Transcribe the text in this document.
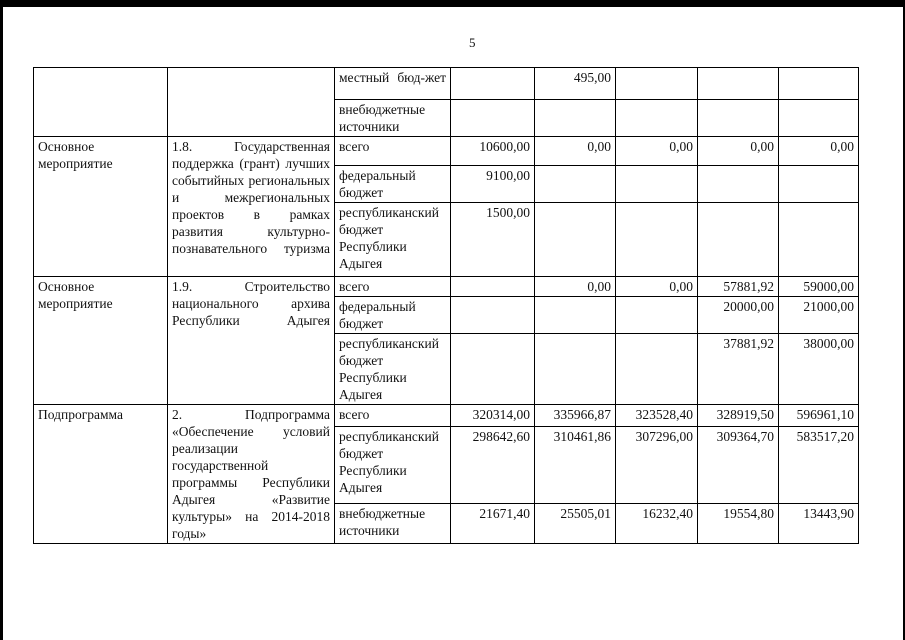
5
		местный бюд-жет		495,00			
		внебюджетные источники					
Основное мероприятие	1.8. Государственная поддержка (грант) лучших событийных региональных и межрегиональных проектов в рамках развития культурно-познавательного туризма	всего	10600,00	0,00	0,00	0,00	0,00
		федеральный бюджет	9100,00				
		республиканский бюджет Республики Адыгея	1500,00				
Основное мероприятие	1.9. Строительство национального архива Республики Адыгея	всего		0,00	0,00	57881,92	59000,00
		федеральный бюджет				20000,00	21000,00
		республиканский бюджет Республики Адыгея				37881,92	38000,00
Подпрограмма	2. Подпрограмма «Обеспечение условий реализации государственной программы Республики Адыгея «Развитие культуры» на 2014-2018 годы»	всего	320314,00	335966,87	323528,40	328919,50	596961,10
		республиканский бюджет Республики Адыгея	298642,60	310461,86	307296,00	309364,70	583517,20
		внебюджетные источники	21671,40	25505,01	16232,40	19554,80	13443,90
